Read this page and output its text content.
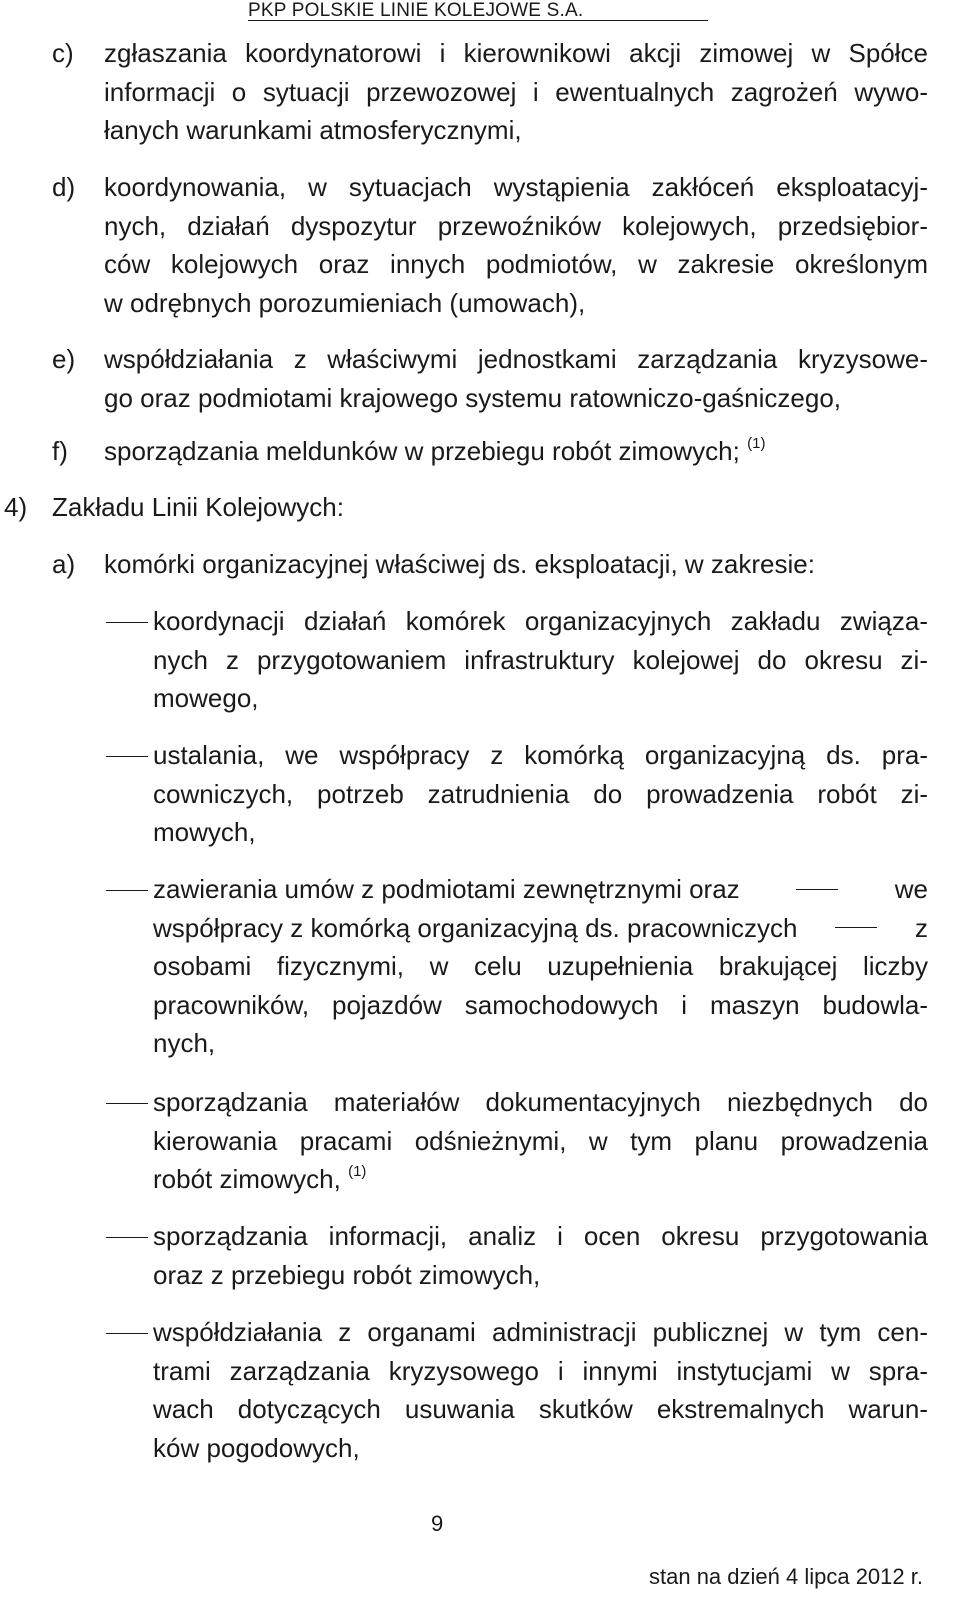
PKP POLSKIE LINIE KOLEJOWE S.A.
c) zgłaszania koordynatorowi i kierownikowi akcji zimowej w Spółce
informacji o sytuacji przewozowej i ewentualnych zagrożeń wywo-
łanych warunkami atmosferycznymi,
d) koordynowania, w sytuacjach wystąpienia zakłóceń eksploatacyj-
nych, działań dyspozytur przewoźników kolejowych, przedsiębior-
ców kolejowych oraz innych podmiotów, w zakresie określonym
w odrębnych porozumieniach (umowach),
e) współdziałania z właściwymi jednostkami zarządzania kryzysowe-
go oraz podmiotami krajowego systemu ratowniczo-gaśniczego,
f) sporządzania meldunków w przebiegu robót zimowych; $^{(1)}$
4) Zakładu Linii Kolejowych:
a) komórki organizacyjnej właściwej ds. eksploatacji, w zakresie:
koordynacji działań komórek organizacyjnych zakładu związa-
nych z przygotowaniem infrastruktury kolejowej do okresu zi-
mowego,
ustalania, we współpracy z komórką organizacyjną ds. pra-
cowniczych, potrzeb zatrudnienia do prowadzenia robót zi-
mowych,
zawierania umów z podmiotami zewnętrznymi oraz	we
współpracy z komórką organizacyjną ds. pracowniczych	z
osobami fizycznymi, w celu uzupełnienia brakującej liczby
pracowników, pojazdów samochodowych i maszyn budowla-
nych,
sporządzania materiałów dokumentacyjnych niezbędnych do
kierowania pracami odśnieżnymi, w tym planu prowadzenia
robót zimowych, $^{(1)}$
sporządzania informacji, analiz i ocen okresu przygotowania
oraz z przebiegu robót zimowych,
współdziałania z organami administracji publicznej w tym cen-
trami zarządzania kryzysowego i innymi instytucjami w spra-
wach dotyczących usuwania skutków ekstremalnych warun-
ków pogodowych,
9
stan na dzień 4 lipca 2012 r.
